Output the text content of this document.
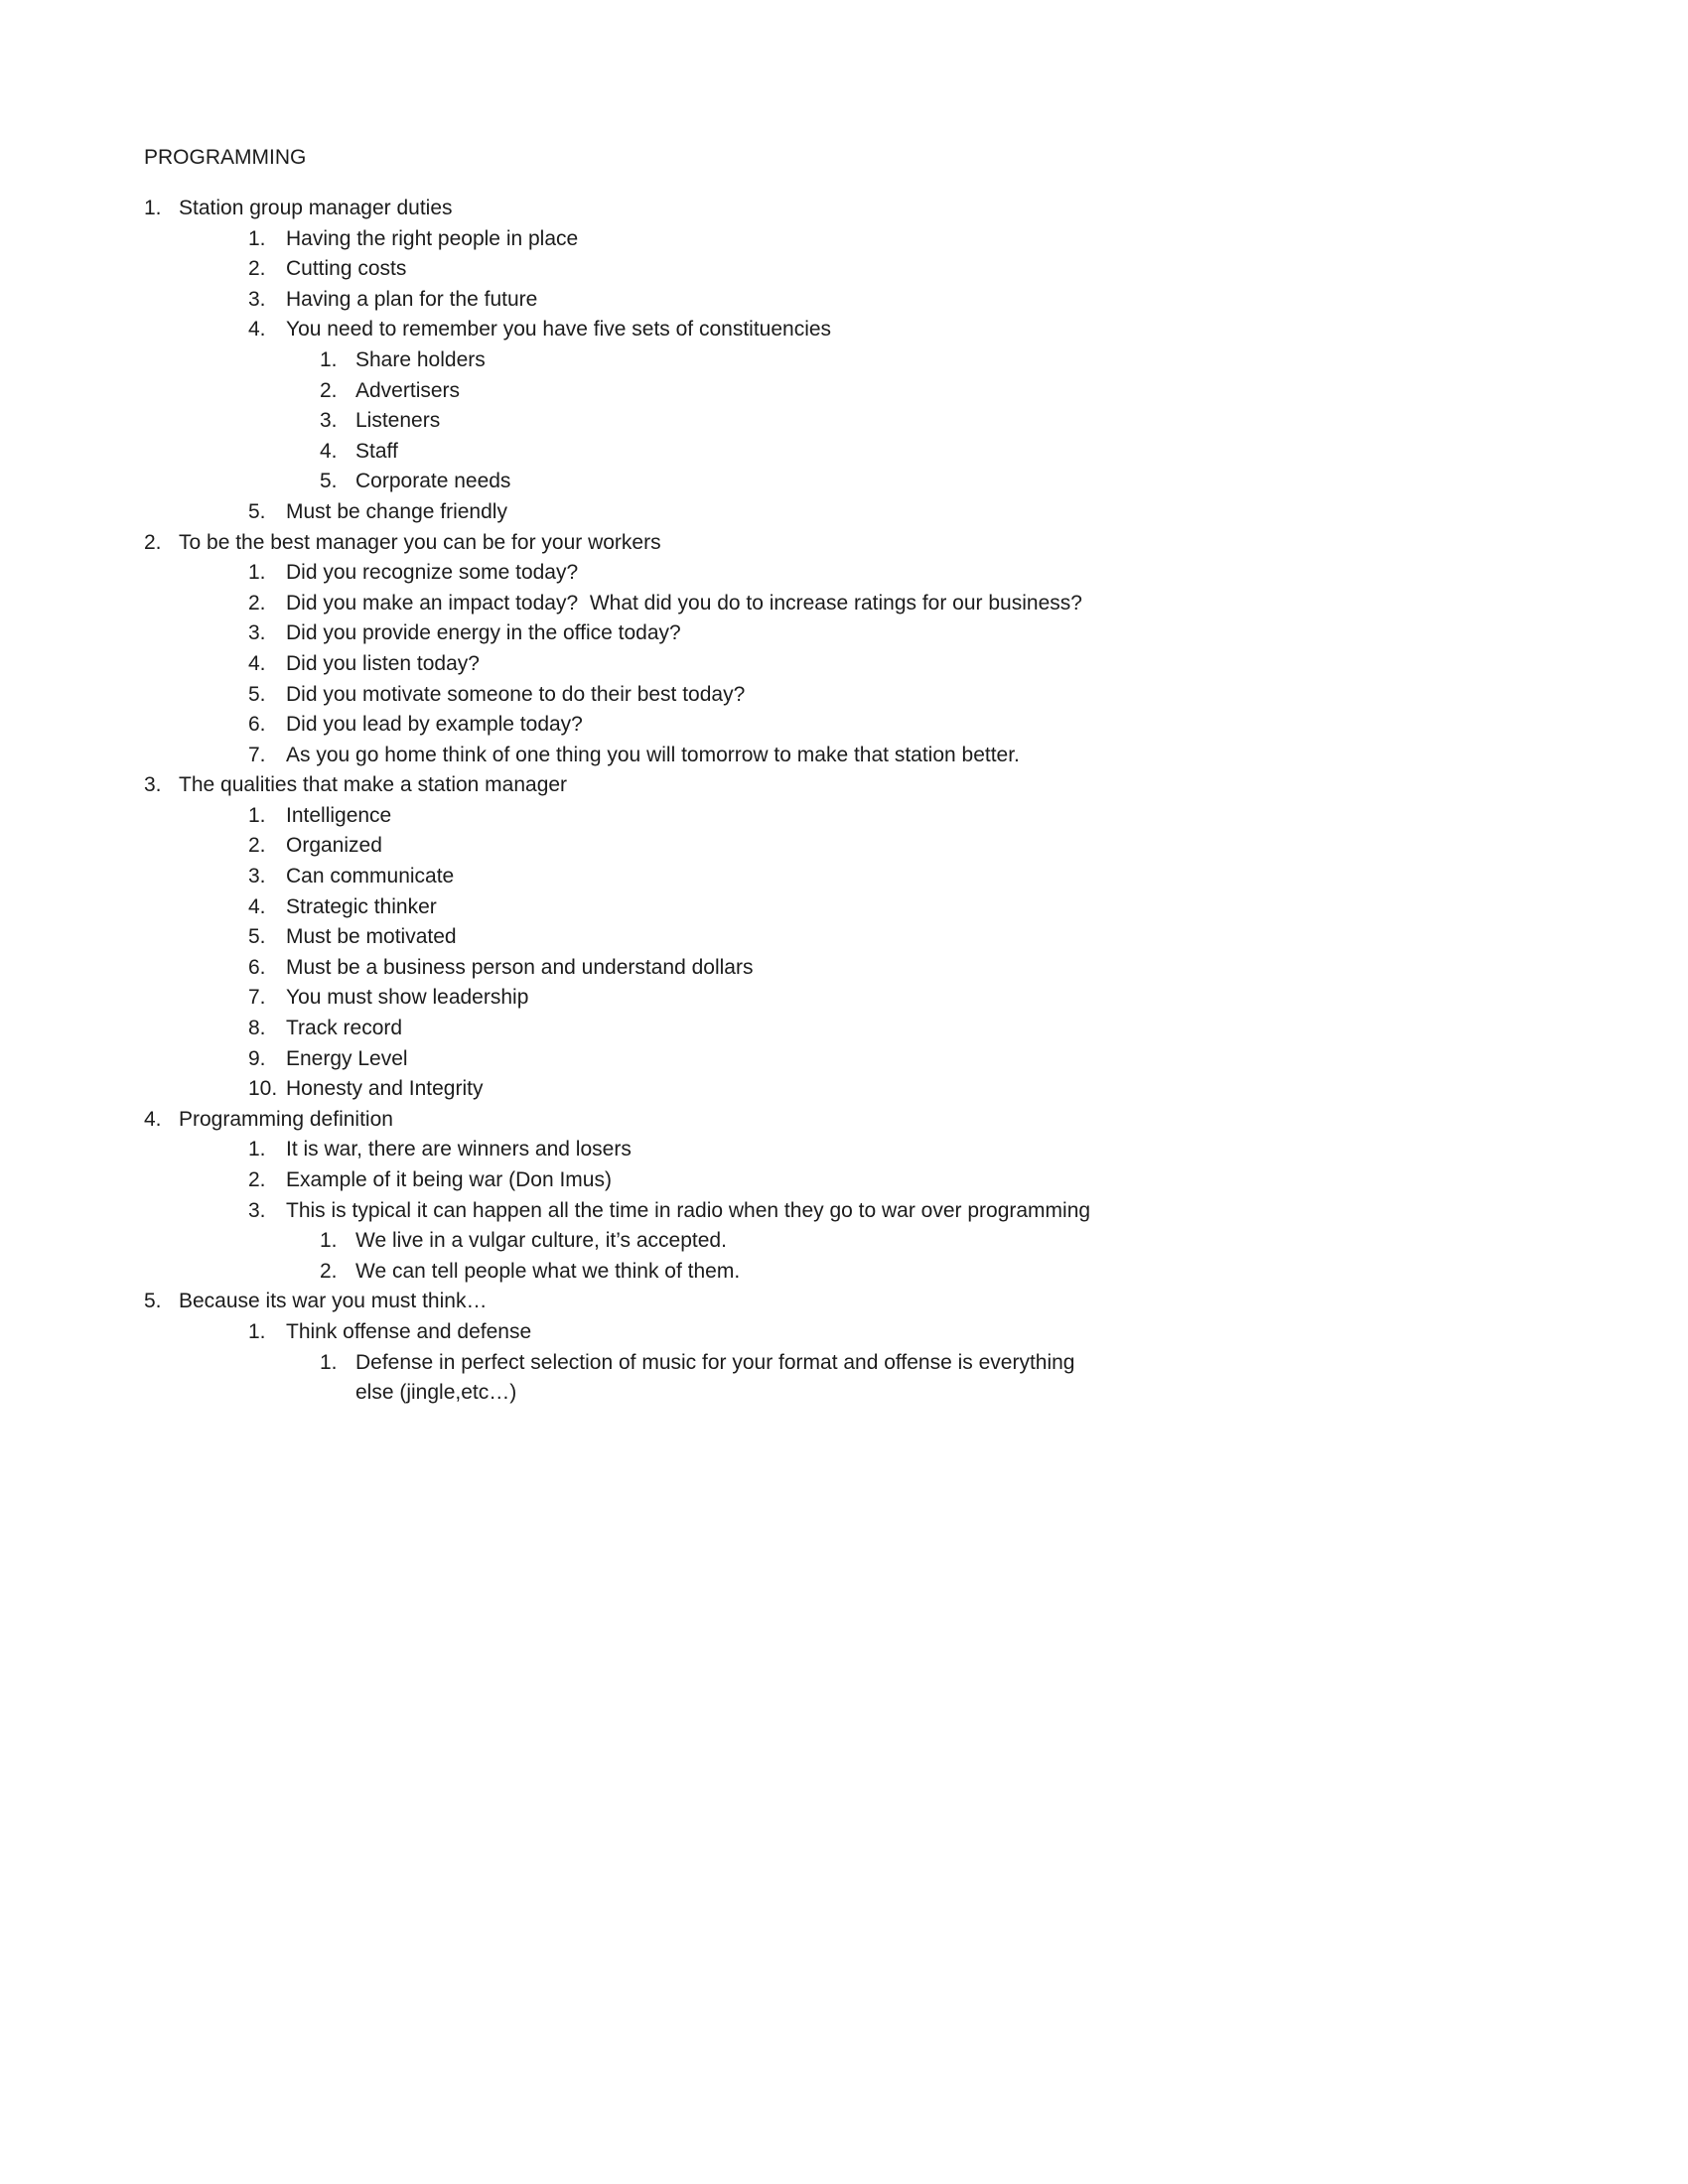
PROGRAMMING

1. Station group manager duties
1. Having the right people in place
2. Cutting costs
3. Having a plan for the future
4. You need to remember you have five sets of constituencies
1. Share holders
2. Advertisers
3. Listeners
4. Staff
5. Corporate needs
5. Must be change friendly
2. To be the best manager you can be for your workers
1. Did you recognize some today?
2. Did you make an impact today?  What did you do to increase ratings for our business?
3. Did you provide energy in the office today?
4. Did you listen today?
5. Did you motivate someone to do their best today?
6. Did you lead by example today?
7. As you go home think of one thing you will tomorrow to make that station better.
3. The qualities that make a station manager
1. Intelligence
2. Organized
3. Can communicate
4. Strategic thinker
5. Must be motivated
6. Must be a business person and understand dollars
7. You must show leadership
8. Track record
9. Energy Level
10. Honesty and Integrity
4. Programming definition
1. It is war, there are winners and losers
2. Example of it being war (Don Imus)
3. This is typical it can happen all the time in radio when they go to war over programming
1. We live in a vulgar culture, it’s accepted.
2. We can tell people what we think of them.
5. Because its war you must think…
1. Think offense and defense
1. Defense in perfect selection of music for your format and offense is everything else (jingle,etc…)
